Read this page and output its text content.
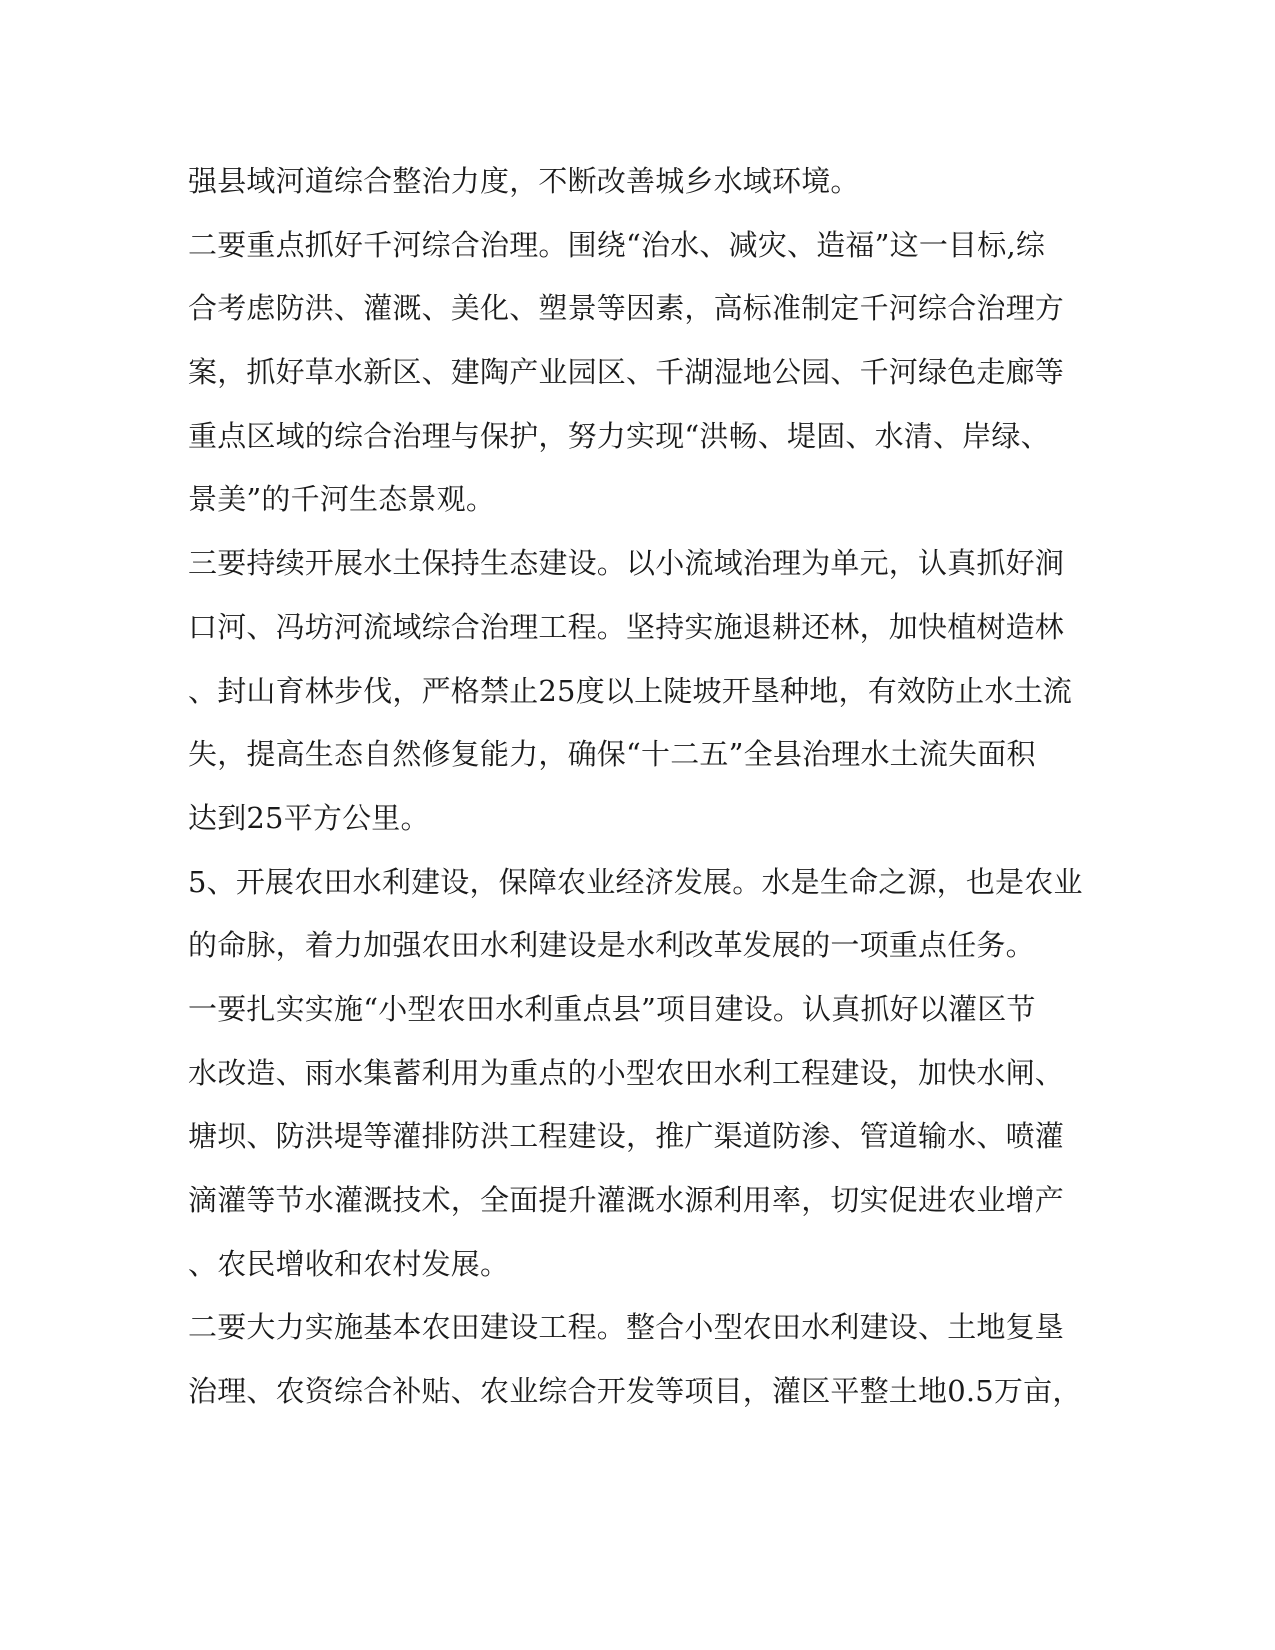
强县域河道综合整治力度，不断改善城乡水域环境。
二要重点抓好千河综合治理。围绕“治水、减灾、造福”这一目标,综
合考虑防洪、灌溉、美化、塑景等因素，高标准制定千河综合治理方
案，抓好草水新区、建陶产业园区、千湖湿地公园、千河绿色走廊等
重点区域的综合治理与保护，努力实现“洪畅、堤固、水清、岸绿、
景美”的千河生态景观。
三要持续开展水土保持生态建设。以小流域治理为单元，认真抓好涧
口河、冯坊河流域综合治理工程。坚持实施退耕还林，加快植树造林
、封山育林步伐，严格禁止25度以上陡坡开垦种地，有效防止水土流
失，提高生态自然修复能力，确保“十二五”全县治理水土流失面积
达到25平方公里。
5、开展农田水利建设，保障农业经济发展。水是生命之源，也是农业
的命脉，着力加强农田水利建设是水利改革发展的一项重点任务。
一要扎实实施“小型农田水利重点县”项目建设。认真抓好以灌区节
水改造、雨水集蓄利用为重点的小型农田水利工程建设，加快水闸、
塘坝、防洪堤等灌排防洪工程建设，推广渠道防渗、管道输水、喷灌
滴灌等节水灌溉技术，全面提升灌溉水源利用率，切实促进农业增产
、农民增收和农村发展。
二要大力实施基本农田建设工程。整合小型农田水利建设、土地复垦
治理、农资综合补贴、农业综合开发等项目，灌区平整土地0.5万亩，
